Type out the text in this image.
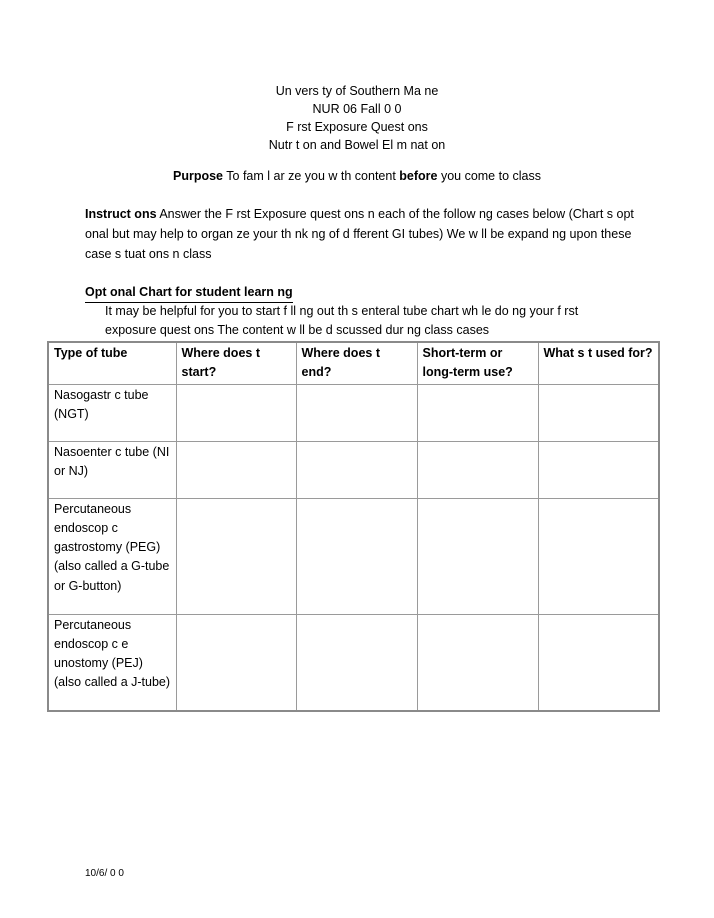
Un vers ty of Southern Ma ne
NUR 06 Fall 0 0
F rst Exposure Quest ons
Nutr t on and Bowel El m nat on
Purpose To fam l ar ze you w th content before you come to class
Instruct ons Answer the F rst Exposure quest ons n each of the follow ng cases below (Chart s opt onal but may help to organ ze your th nk ng of d fferent GI tubes) We w ll be expand ng upon these case s tuat ons n class
Opt onal Chart for student learn ng
It may be helpful for you to start f ll ng out th s enteral tube chart wh le do ng your f rst exposure quest ons The content w ll be d scussed dur ng class cases
Type of tube	Where does t start?	Where does t end?	Short-term or long-term use?	What s t used for?
Nasogastr c tube (NGT)				
Nasoenter c tube (NI or NJ)				
Percutaneous endoscop c gastrostomy (PEG) (also called a G-tube or G-button)				
Percutaneous endoscop c e unostomy (PEJ) (also called a J-tube)				
10/6/ 0 0
